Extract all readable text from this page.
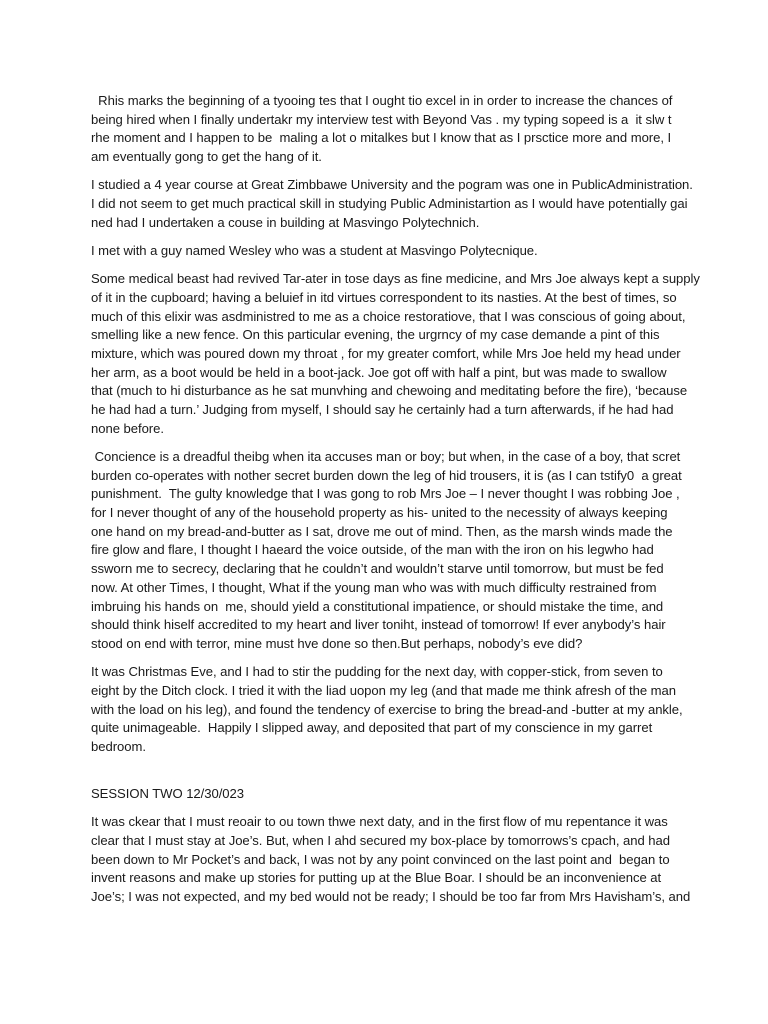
Rhis marks the beginning of a tyooing tes that I ought tio excel in in order to increase the chances of
being hired when I finally undertakr my interview test with Beyond Vas . my typing sopeed is a  it slw t
rhe moment and I happen to be  maling a lot o mitalkes but I know that as I prsctice more and more, I
am eventually gong to get the hang of it.
I studied a 4 year course at Great Zimbbawe University and the pogram was one in PublicAdministration.
I did not seem to get much practical skill in studying Public Administartion as I would have potentially gai
ned had I undertaken a couse in building at Masvingo Polytechnich.
I met with a guy named Wesley who was a student at Masvingo Polytecnique.
Some medical beast had revived Tar-ater in tose days as fine medicine, and Mrs Joe always kept a supply
of it in the cupboard; having a beluief in itd virtues correspondent to its nasties. At the best of times, so
much of this elixir was asdministred to me as a choice restoratiove, that I was conscious of going about,
smelling like a new fence. On this particular evening, the urgrncy of my case demande a pint of this
mixture, which was poured down my throat , for my greater comfort, while Mrs Joe held my head under
her arm, as a boot would be held in a boot-jack. Joe got off with half a pint, but was made to swallow
that (much to hi disturbance as he sat munvhing and chewoing and meditating before the fire), ‘because
he had had a turn.’ Judging from myself, I should say he certainly had a turn afterwards, if he had had
none before.
Concience is a dreadful theibg when ita accuses man or boy; but when, in the case of a boy, that scret
burden co-operates with nother secret burden down the leg of hid trousers, it is (as I can tstify0  a great
punishment.  The gulty knowledge that I was gong to rob Mrs Joe – I never thought I was robbing Joe ,
for I never thought of any of the household property as his- united to the necessity of always keeping
one hand on my bread-and-butter as I sat, drove me out of mind. Then, as the marsh winds made the
fire glow and flare, I thought I haeard the voice outside, of the man with the iron on his legwho had
ssworn me to secrecy, declaring that he couldn’t and wouldn’t starve until tomorrow, but must be fed
now. At other Times, I thought, What if the young man who was with much difficulty restrained from
imbruing his hands on  me, should yield a constitutional impatience, or should mistake the time, and
should think hiself accredited to my heart and liver toniht, instead of tomorrow! If ever anybody’s hair
stood on end with terror, mine must hve done so then.But perhaps, nobody’s eve did?
It was Christmas Eve, and I had to stir the pudding for the next day, with copper-stick, from seven to
eight by the Ditch clock. I tried it with the liad uopon my leg (and that made me think afresh of the man
with the load on his leg), and found the tendency of exercise to bring the bread-and -butter at my ankle,
quite unimageable.  Happily I slipped away, and deposited that part of my conscience in my garret
bedroom.
SESSION TWO 12/30/023
It was ckear that I must reoair to ou town thwe next daty, and in the first flow of mu repentance it was
clear that I must stay at Joe’s. But, when I ahd secured my box-place by tomorrows’s cpach, and had
been down to Mr Pocket’s and back, I was not by any point convinced on the last point and  began to
invent reasons and make up stories for putting up at the Blue Boar. I should be an inconvenience at
Joe’s; I was not expected, and my bed would not be ready; I should be too far from Mrs Havisham’s, and
